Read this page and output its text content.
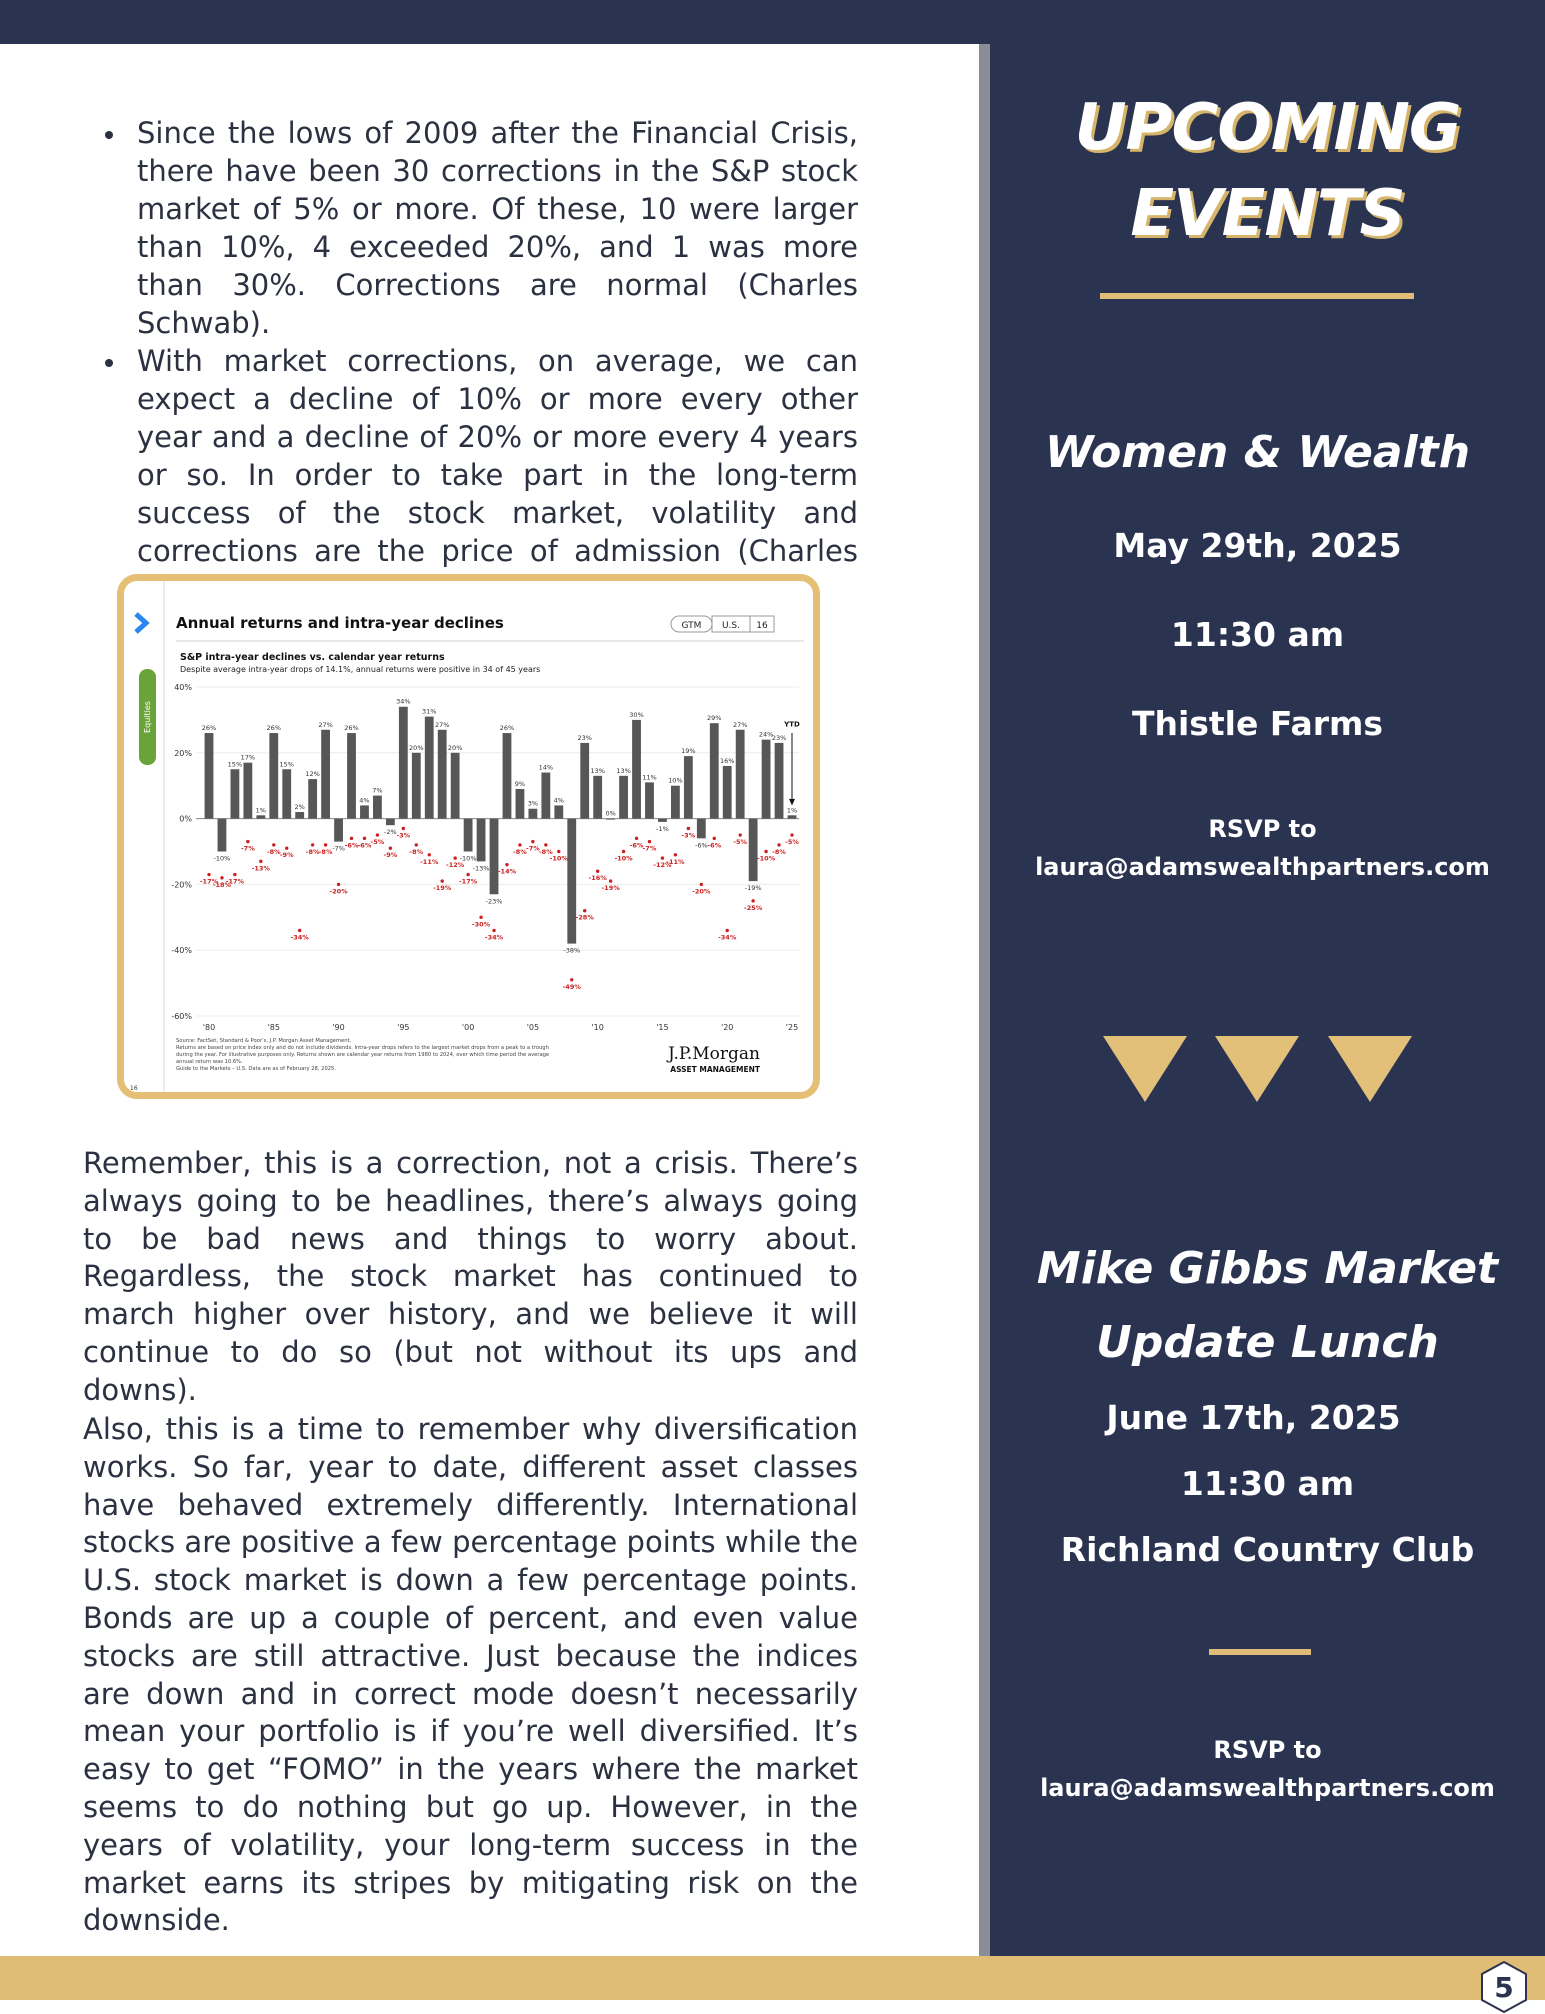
Since the lows of 2009 after the Financial Crisis, there have been 30 corrections in the S&P stock market of 5% or more. Of these, 10 were larger than 10%, 4 exceeded 20%, and 1 was more than 30%. Corrections are normal (Charles Schwab).
With market corrections, on average, we can expect a decline of 10% or more every other year and a decline of 20% or more every 4 years or so. In order to take part in the long-term success of the stock market, volatility and corrections are the price of admission (Charles

Remember, this is a correction, not a crisis. There’s always going to be headlines, there’s always going to be bad news and things to worry about. Regardless, the stock market has continued to march higher over history, and we believe it will continue to do so (but not without its ups and downs).

Also, this is a time to remember why diversification works. So far, year to date, different asset classes have behaved extremely differently. International stocks are positive a few percentage points while the U.S. stock market is down a few percentage points. Bonds are up a couple of percent, and even value stocks are still attractive. Just because the indices are down and in correct mode doesn’t necessarily mean your portfolio is if you’re well diversified. It’s easy to get “FOMO” in the years where the market seems to do nothing but go up. However, in the years of volatility, your long-term success in the market earns its stripes by mitigating risk on the downside.

Equities
Annual returns and intra-year declines	GTM U.S. 16
S&P intra-year declines vs. calendar year returns
Despite average intra-year drops of 14.1%, annual returns were positive in 34 of 45 years
40%
20%
0%
-20%
-40%
-60%
26%
-10%
15%
17%
1%
26%
15%
2%
12%
27%
-7%
26%
4%
7%
-2%
34%
20%
31%
27%
20%
-10%
-13%
-23%
26%
9%
3%
14%
4%
-38%
23%
13%
0%
13%
30%
11%
-1%
10%
19%
-6%
29%
16%
27%
-19%
24%
23%
1%
-17%
-18%
-17%
-7%
-13%
-8% -9%
-34%
-8% -8%
-20%
-6% -6% -5%
-9%
-3%
-8%
-11%
-19%
-12%
-17%
-30%
-34%
-14%
-8% -7% -8%
-10%
-49%
-28%
-16%
-19%
-10%
-6% -7%
-12%
-11%
-3%
-20%
-6%
-34%
-5%
-25%
-10%
-8%
-5%
YTD
'80	'85	'90	'95	'00	'05	'10	'15	'20	'25
Source: FactSet, Standard & Poor’s, J.P. Morgan Asset Management.
Returns are based on price index only and do not include dividends. Intra-year drops refers to the largest market drops from a peak to a trough
during the year. For illustrative purposes only. Returns shown are calendar year returns from 1980 to 2024, over which time period the average
annual return was 10.6%.
Guide to the Markets – U.S. Data are as of February 28, 2025.
J.P.Morgan
ASSET MANAGEMENT
16
UPCOMING
EVENTS
Women & Wealth
May 29th, 2025
11:30 am
Thistle Farms
RSVP to
laura@adamswealthpartners.com
Mike Gibbs Market
Update Lunch
June 17th, 2025
11:30 am
Richland Country Club
RSVP to
laura@adamswealthpartners.com
5
